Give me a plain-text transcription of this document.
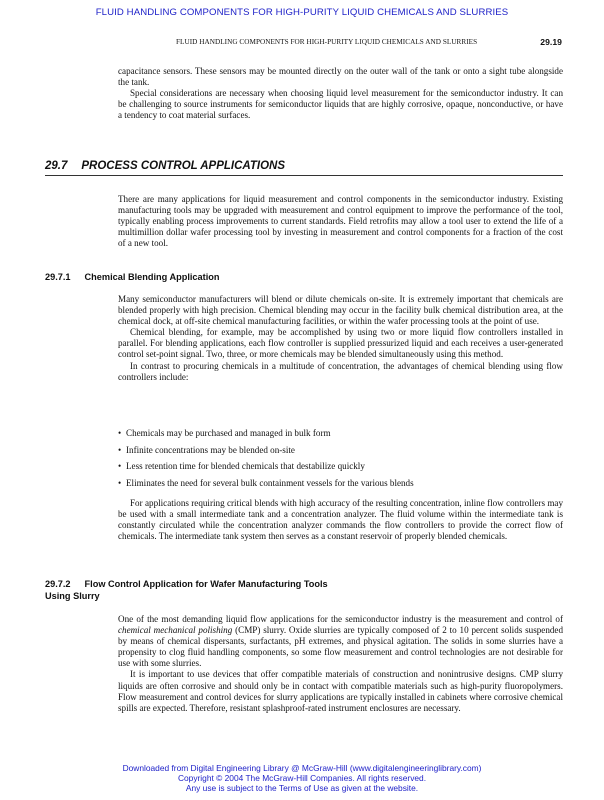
FLUID HANDLING COMPONENTS FOR HIGH-PURITY LIQUID CHEMICALS AND SLURRIES
FLUID HANDLING COMPONENTS FOR HIGH-PURITY LIQUID CHEMICALS AND SLURRIES	29.19

capacitance sensors. These sensors may be mounted directly on the outer wall of the tank or onto a sight tube alongside the tank.

Special considerations are necessary when choosing liquid level measurement for the semiconductor industry. It can be challenging to source instruments for semiconductor liquids that are highly corrosive, opaque, nonconductive, or have a tendency to coat material surfaces.

29.7 PROCESS CONTROL APPLICATIONS

There are many applications for liquid measurement and control components in the semiconductor industry. Existing manufacturing tools may be upgraded with measurement and control equipment to improve the performance of the tool, typically enabling process improvements to current standards. Field retrofits may allow a tool user to extend the life of a multimillion dollar wafer processing tool by investing in measurement and control components for a fraction of the cost of a new tool.

29.7.1 Chemical Blending Application

Many semiconductor manufacturers will blend or dilute chemicals on-site. It is extremely important that chemicals are blended properly with high precision. Chemical blending may occur in the facility bulk chemical distribution area, at the chemical dock, at off-site chemical manufacturing facilities, or within the wafer processing tools at the point of use.

Chemical blending, for example, may be accomplished by using two or more liquid flow controllers installed in parallel. For blending applications, each flow controller is supplied pressurized liquid and each receives a user-generated control set-point signal. Two, three, or more chemicals may be blended simultaneously using this method.

In contrast to procuring chemicals in a multitude of concentration, the advantages of chemical blending using flow controllers include:

• Chemicals may be purchased and managed in bulk form
• Infinite concentrations may be blended on-site
• Less retention time for blended chemicals that destabilize quickly
• Eliminates the need for several bulk containment vessels for the various blends

For applications requiring critical blends with high accuracy of the resulting concentration, inline flow controllers may be used with a small intermediate tank and a concentration analyzer. The fluid volume within the intermediate tank is constantly circulated while the concentration analyzer commands the flow controllers to provide the correct flow of chemicals. The intermediate tank system then serves as a constant reservoir of properly blended chemicals.

29.7.2 Flow Control Application for Wafer Manufacturing Tools
Using Slurry

One of the most demanding liquid flow applications for the semiconductor industry is the measurement and control of chemical mechanical polishing (CMP) slurry. Oxide slurries are typically composed of 2 to 10 percent solids suspended by means of chemical dispersants, surfactants, pH extremes, and physical agitation. The solids in some slurries have a propensity to clog fluid handling components, so some flow measurement and control technologies are not desirable for use with some slurries.

It is important to use devices that offer compatible materials of construction and nonintrusive designs. CMP slurry liquids are often corrosive and should only be in contact with compatible materials such as high-purity fluoropolymers. Flow measurement and control devices for slurry applications are typically installed in cabinets where corrosive chemical spills are expected. Therefore, resistant splashproof-rated instrument enclosures are necessary.

Downloaded from Digital Engineering Library @ McGraw-Hill (www.digitalengineeringlibrary.com)
Copyright © 2004 The McGraw-Hill Companies. All rights reserved.
Any use is subject to the Terms of Use as given at the website.
